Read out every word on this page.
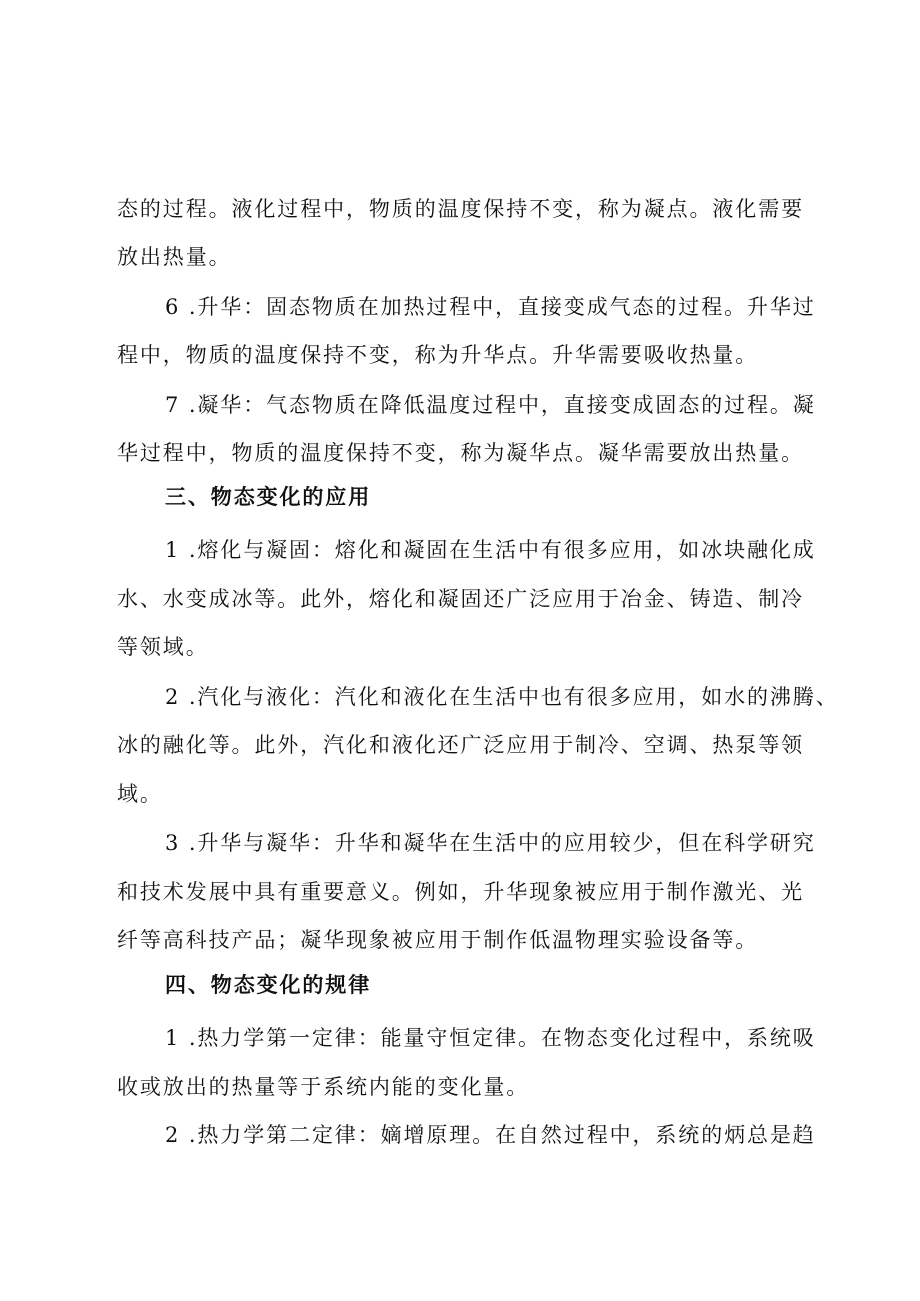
态的过程。液化过程中，物质的温度保持不变，称为凝点。液化需要

放出热量。

6 .升华：固态物质在加热过程中，直接变成气态的过程。升华过

程中，物质的温度保持不变，称为升华点。升华需要吸收热量。

7 .凝华：气态物质在降低温度过程中，直接变成固态的过程。凝

华过程中，物质的温度保持不变，称为凝华点。凝华需要放出热量。

三、物态变化的应用

1 .熔化与凝固：熔化和凝固在生活中有很多应用，如冰块融化成

水、水变成冰等。此外，熔化和凝固还广泛应用于冶金、铸造、制冷

等领域。

2 .汽化与液化：汽化和液化在生活中也有很多应用，如水的沸腾、

冰的融化等。此外，汽化和液化还广泛应用于制冷、空调、热泵等领

域。

3 .升华与凝华：升华和凝华在生活中的应用较少，但在科学研究

和技术发展中具有重要意义。例如，升华现象被应用于制作激光、光

纤等高科技产品；凝华现象被应用于制作低温物理实验设备等。

四、物态变化的规律

1 .热力学第一定律：能量守恒定律。在物态变化过程中，系统吸

收或放出的热量等于系统内能的变化量。

2 .热力学第二定律：嫡增原理。在自然过程中，系统的炳总是趋
